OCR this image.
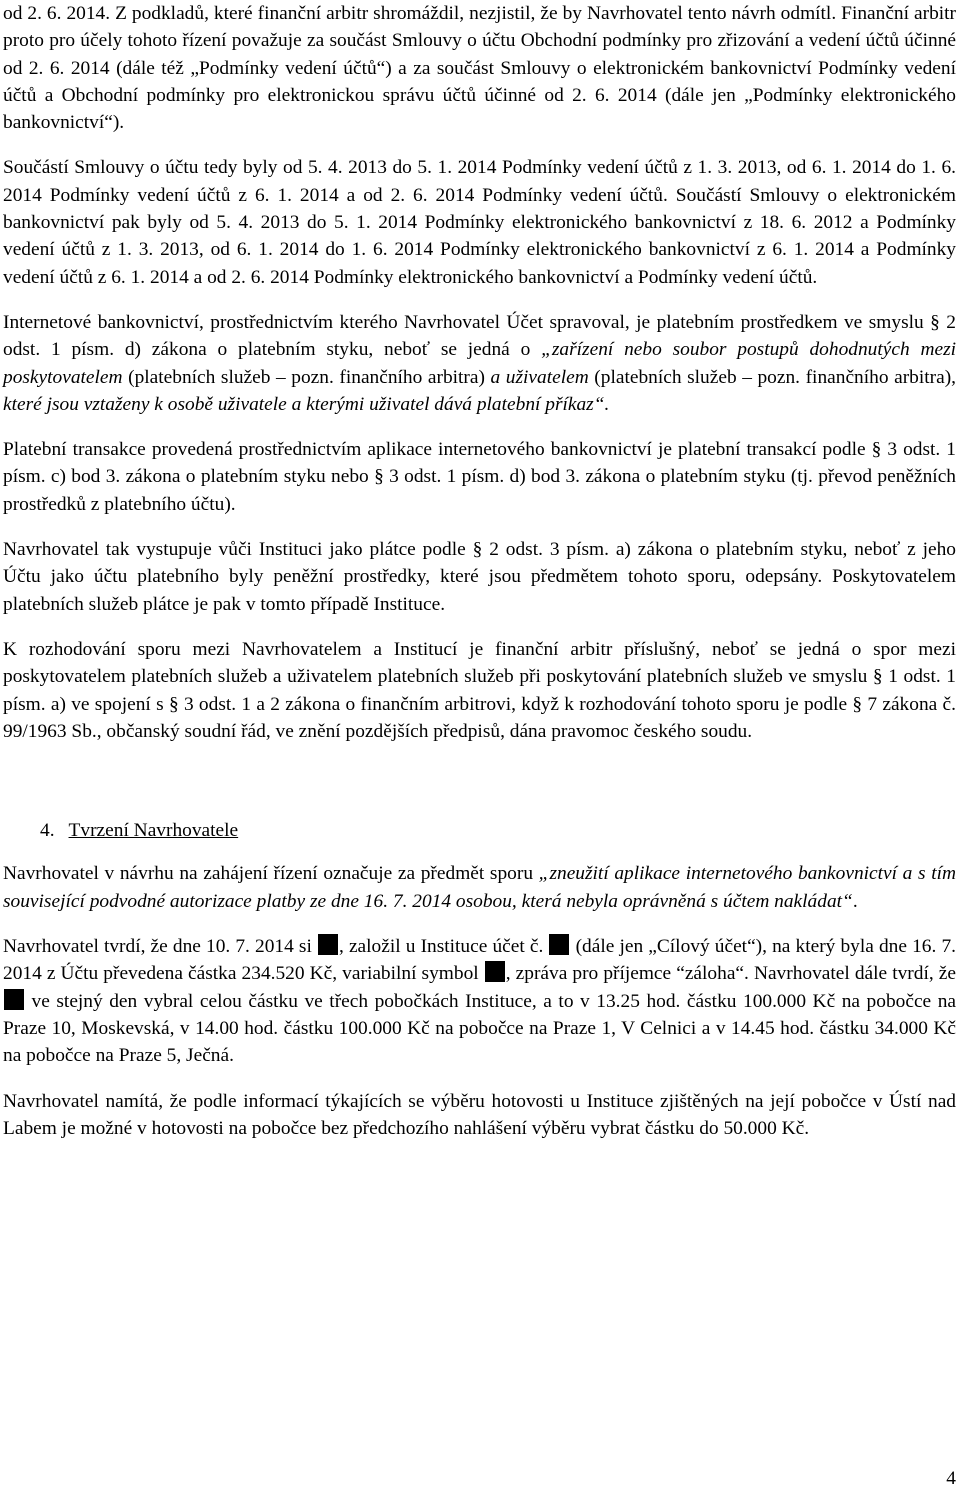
od 2. 6. 2014. Z podkladů, které finanční arbitr shromáždil, nezjistil, že by Navrhovatel tento návrh odmítl. Finanční arbitr proto pro účely tohoto řízení považuje za součást Smlouvy o účtu Obchodní podmínky pro zřizování a vedení účtů účinné od 2. 6. 2014 (dále též „Podmínky vedení účtů“) a za součást Smlouvy o elektronickém bankovnictví Podmínky vedení účtů a Obchodní podmínky pro elektronickou správu účtů účinné od 2. 6. 2014 (dále jen „Podmínky elektronického bankovnictví“).

Součástí Smlouvy o účtu tedy byly od 5. 4. 2013 do 5. 1. 2014 Podmínky vedení účtů z 1. 3. 2013, od 6. 1. 2014 do 1. 6. 2014 Podmínky vedení účtů z 6. 1. 2014 a od 2. 6. 2014 Podmínky vedení účtů. Součástí Smlouvy o elektronickém bankovnictví pak byly od 5. 4. 2013 do 5. 1. 2014 Podmínky elektronického bankovnictví z 18. 6. 2012 a Podmínky vedení účtů z 1. 3. 2013, od 6. 1. 2014 do 1. 6. 2014 Podmínky elektronického bankovnictví z 6. 1. 2014 a Podmínky vedení účtů z 6. 1. 2014 a od 2. 6. 2014 Podmínky elektronického bankovnictví a Podmínky vedení účtů.

Internetové bankovnictví, prostřednictvím kterého Navrhovatel Účet spravoval, je platebním prostředkem ve smyslu § 2 odst. 1 písm. d) zákona o platebním styku, neboť se jedná o „zařízení nebo soubor postupů dohodnutých mezi poskytovatelem (platebních služeb – pozn. finančního arbitra) a uživatelem (platebních služeb – pozn. finančního arbitra), které jsou vztaženy k osobě uživatele a kterými uživatel dává platební příkaz“.

Platební transakce provedená prostřednictvím aplikace internetového bankovnictví je platební transakcí podle § 3 odst. 1 písm. c) bod 3. zákona o platebním styku nebo § 3 odst. 1 písm. d) bod 3. zákona o platebním styku (tj. převod peněžních prostředků z platebního účtu).

Navrhovatel tak vystupuje vůči Instituci jako plátce podle § 2 odst. 3 písm. a) zákona o platebním styku, neboť z jeho Účtu jako účtu platebního byly peněžní prostředky, které jsou předmětem tohoto sporu, odepsány. Poskytovatelem platebních služeb plátce je pak v tomto případě Instituce.

K rozhodování sporu mezi Navrhovatelem a Institucí je finanční arbitr příslušný, neboť se jedná o spor mezi poskytovatelem platebních služeb a uživatelem platebních služeb při poskytování platebních služeb ve smyslu § 1 odst. 1 písm. a) ve spojení s § 3 odst. 1 a 2 zákona o finančním arbitrovi, když k rozhodování tohoto sporu je podle § 7 zákona č. 99/1963 Sb., občanský soudní řád, ve znění pozdějších předpisů, dána pravomoc českého soudu.

4. Tvrzení Navrhovatele

Navrhovatel v návrhu na zahájení řízení označuje za předmět sporu „zneužití aplikace internetového bankovnictví a s tím související podvodné autorizace platby ze dne 16. 7. 2014 osobou, která nebyla oprávněná s účtem nakládat“.

Navrhovatel tvrdí, že dne 10. 7. 2014 si , založil u Instituce účet č.  (dále jen „Cílový účet“), na který byla dne 16. 7. 2014 z Účtu převedena částka 234.520 Kč, variabilní symbol , zpráva pro příjemce “záloha“. Navrhovatel dále tvrdí, že  ve stejný den vybral celou částku ve třech pobočkách Instituce, a to v 13.25 hod. částku 100.000 Kč na pobočce na Praze 10, Moskevská, v 14.00 hod. částku 100.000 Kč na pobočce na Praze 1, V Celnici a v 14.45 hod. částku 34.000 Kč na pobočce na Praze 5, Ječná.

Navrhovatel namítá, že podle informací týkajících se výběru hotovosti u Instituce zjištěných na její pobočce v Ústí nad Labem je možné v hotovosti na pobočce bez předchozího nahlášení výběru vybrat částku do 50.000 Kč.

4
